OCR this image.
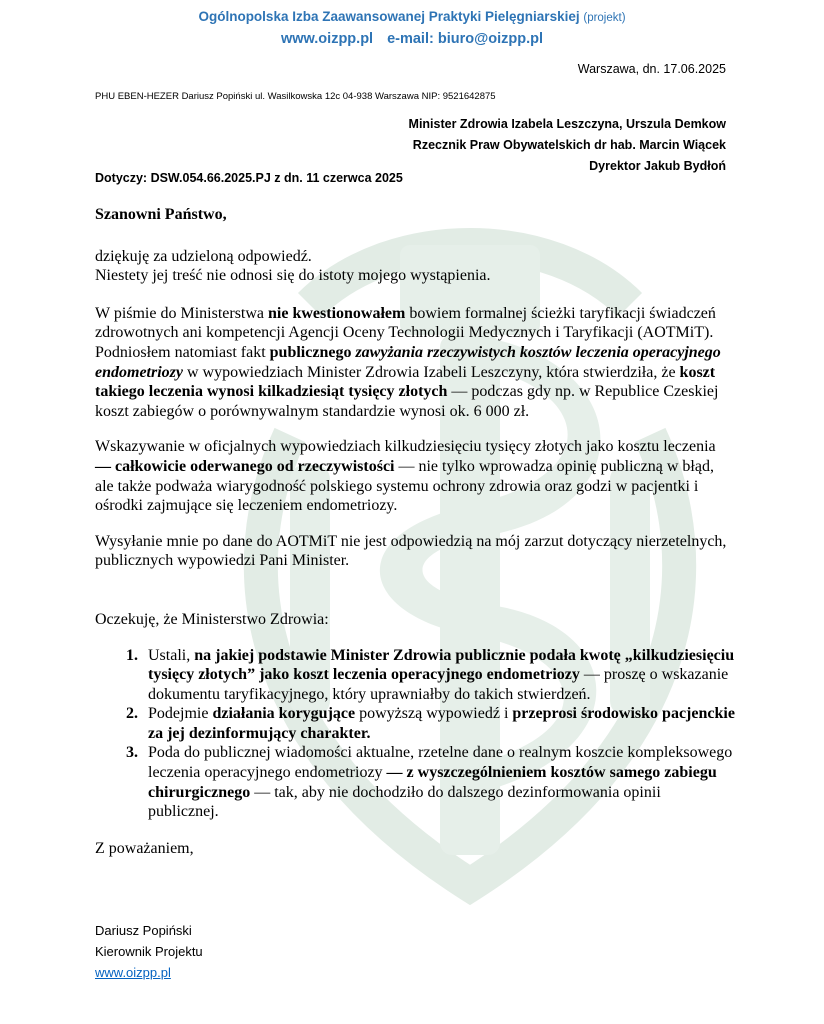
Ogólnopolska Izba Zaawansowanej Praktyki Pielęgniarskiej (projekt)
www.oizpp.pl e-mail: biuro@oizpp.pl
Warszawa, dn. 17.06.2025
PHU EBEN-HEZER Dariusz Popiński ul. Wasilkowska 12c 04-938 Warszawa NIP: 9521642875
Minister Zdrowia Izabela Leszczyna, Urszula Demkow
Rzecznik Praw Obywatelskich dr hab. Marcin Wiącek
Dyrektor Jakub Bydłoń
Dotyczy: DSW.054.66.2025.PJ z dn. 11 czerwca 2025

Szanowni Państwo,

dziękuję za udzieloną odpowiedź.
Niestety jej treść nie odnosi się do istoty mojego wystąpienia.

W piśmie do Ministerstwa nie kwestionowałem bowiem formalnej ścieżki taryfikacji świadczeń zdrowotnych ani kompetencji Agencji Oceny Technologii Medycznych i Taryfikacji (AOTMiT).

Podniosłem natomiast fakt publicznego zawyżania rzeczywistych kosztów leczenia operacyjnego endometriozy w wypowiedziach Minister Zdrowia Izabeli Leszczyny, która stwierdziła, że koszt takiego leczenia wynosi kilkadziesiąt tysięcy złotych — podczas gdy np. w Republice Czeskiej koszt zabiegów o porównywalnym standardzie wynosi ok. 6 000 zł.

Wskazywanie w oficjalnych wypowiedziach kilkudziesięciu tysięcy złotych jako kosztu leczenia — całkowicie oderwanego od rzeczywistości — nie tylko wprowadza opinię publiczną w błąd, ale także podważa wiarygodność polskiego systemu ochrony zdrowia oraz godzi w pacjentki i ośrodki zajmujące się leczeniem endometriozy.

Wysyłanie mnie po dane do AOTMiT nie jest odpowiedzią na mój zarzut dotyczący nierzetelnych, publicznych wypowiedzi Pani Minister.

Oczekuję, że Ministerstwo Zdrowia:

1. Ustali, na jakiej podstawie Minister Zdrowia publicznie podała kwotę „kilkudziesięciu tysięcy złotych” jako koszt leczenia operacyjnego endometriozy — proszę o wskazanie dokumentu taryfikacyjnego, który uprawniałby do takich stwierdzeń.
2. Podejmie działania korygujące powyższą wypowiedź i przeprosi środowisko pacjenckie za jej dezinformujący charakter.
3. Poda do publicznej wiadomości aktualne, rzetelne dane o realnym koszcie kompleksowego leczenia operacyjnego endometriozy — z wyszczególnieniem kosztów samego zabiegu chirurgicznego — tak, aby nie dochodziło do dalszego dezinformowania opinii publicznej.

Z poważaniem,

Dariusz Popiński
Kierownik Projektu
www.oizpp.pl
